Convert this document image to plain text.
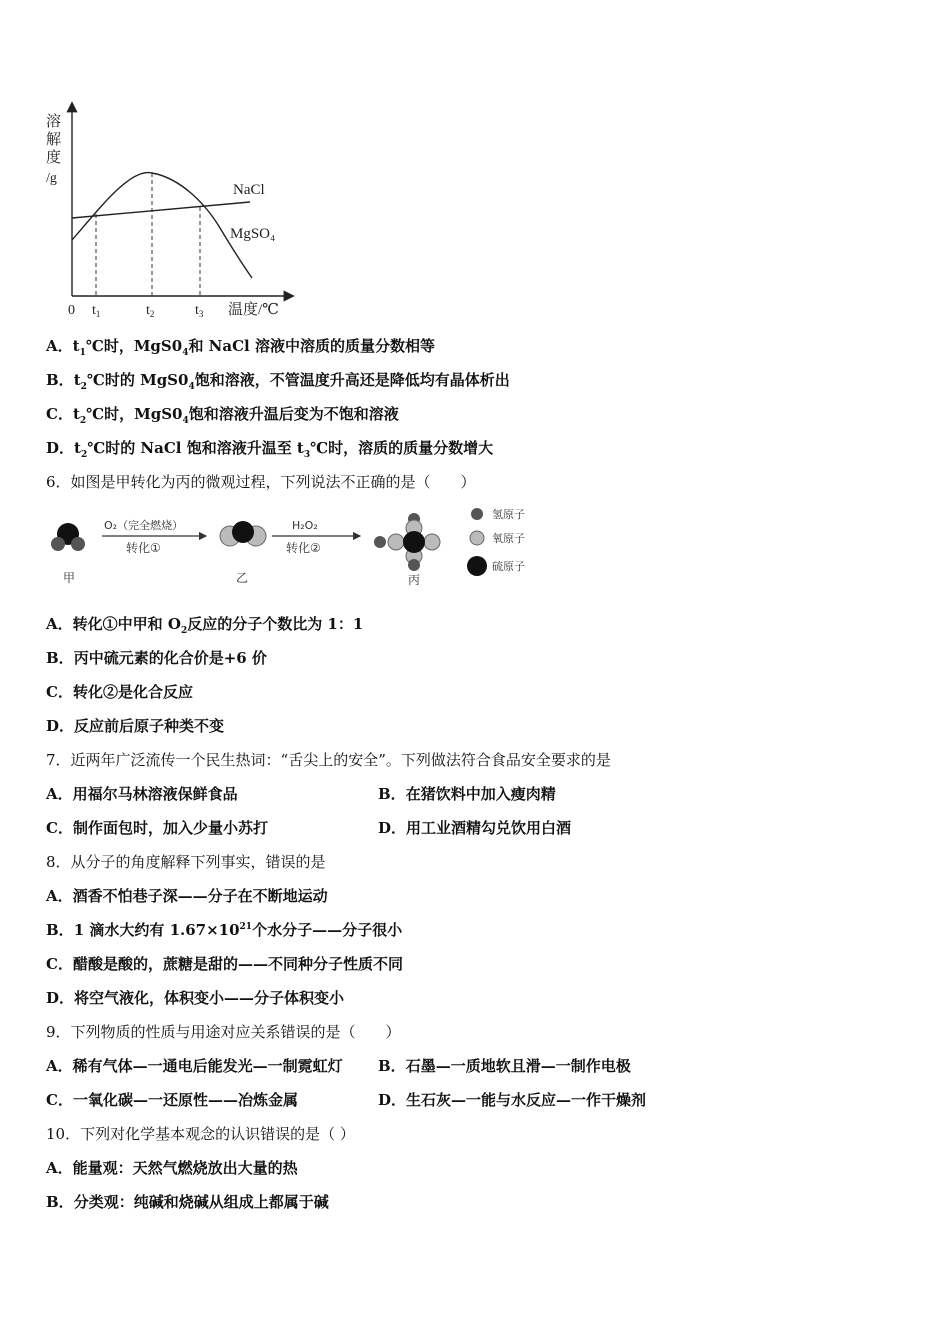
溶
解
度
/g
0 $t_1$	$t_2$	$t_3$ 温度/℃
NaCl
MgSO₄
A．$t_1℃$时，$MgS0_4$和 NaCl 溶液中溶质的质量分数相等
B．$t_2℃$时的 $MgS0_4$饱和溶液，不管温度升高还是降低均有晶体析出
C．$t_2℃$时，$MgS0_4$饱和溶液升温后变为不饱和溶液
D．$t_2℃$时的 NaCl 饱和溶液升温至 $t_3℃$时，溶质的质量分数增大
6．如图是甲转化为丙的微观过程，下列说法不正确的是（　　）
甲
O₂（完全燃烧）
转化①
乙
H₂O₂
转化②
丙
氢原子
氧原子
硫原子
A．转化①中甲和 $O_2$反应的分子个数比为 1：1
B．丙中硫元素的化合价是+6 价
C．转化②是化合反应
D．反应前后原子种类不变
7．近两年广泛流传一个民生热词：“舌尖上的安全”。下列做法符合食品安全要求的是
A．用福尔马林溶液保鲜食品	B．在猪饮料中加入瘦肉精
C．制作面包时，加入少量小苏打	D．用工业酒精勾兑饮用白酒
8．从分子的角度解释下列事实，错误的是
A．酒香不怕巷子深——分子在不断地运动
B．1 滴水大约有 $1.67\times 10^{21}$个水分子——分子很小
C．醋酸是酸的，蔗糖是甜的——不同种分子性质不同
D．将空气液化，体积变小——分子体积变小
9．下列物质的性质与用途对应关系错误的是（　　）
A．稀有气体—一通电后能发光—一制霓虹灯 B．石墨—一质地软且滑—一制作电极
C．一氧化碳—一还原性——冶炼金属	D．生石灰—一能与水反应—一作干燥剂
10．下列对化学基本观念的认识错误的是（ ）
A．能量观：天然气燃烧放出大量的热
B．分类观：纯碱和烧碱从组成上都属于碱
